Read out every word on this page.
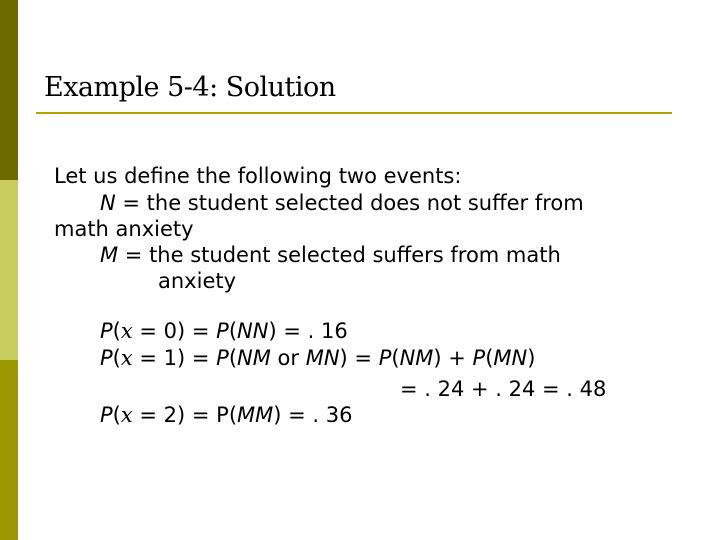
Example 5-4: Solution
Let us define the following two events:
N = the student selected does not suffer from
math anxiety
M = the student selected suffers from math
anxiety
P(x = 0) = P(NN) = . 16
P(x = 1) = P(NM or MN) = P(NM) + P(MN)
= . 24 + . 24 = . 48
P(x = 2) = P(MM) = . 36
